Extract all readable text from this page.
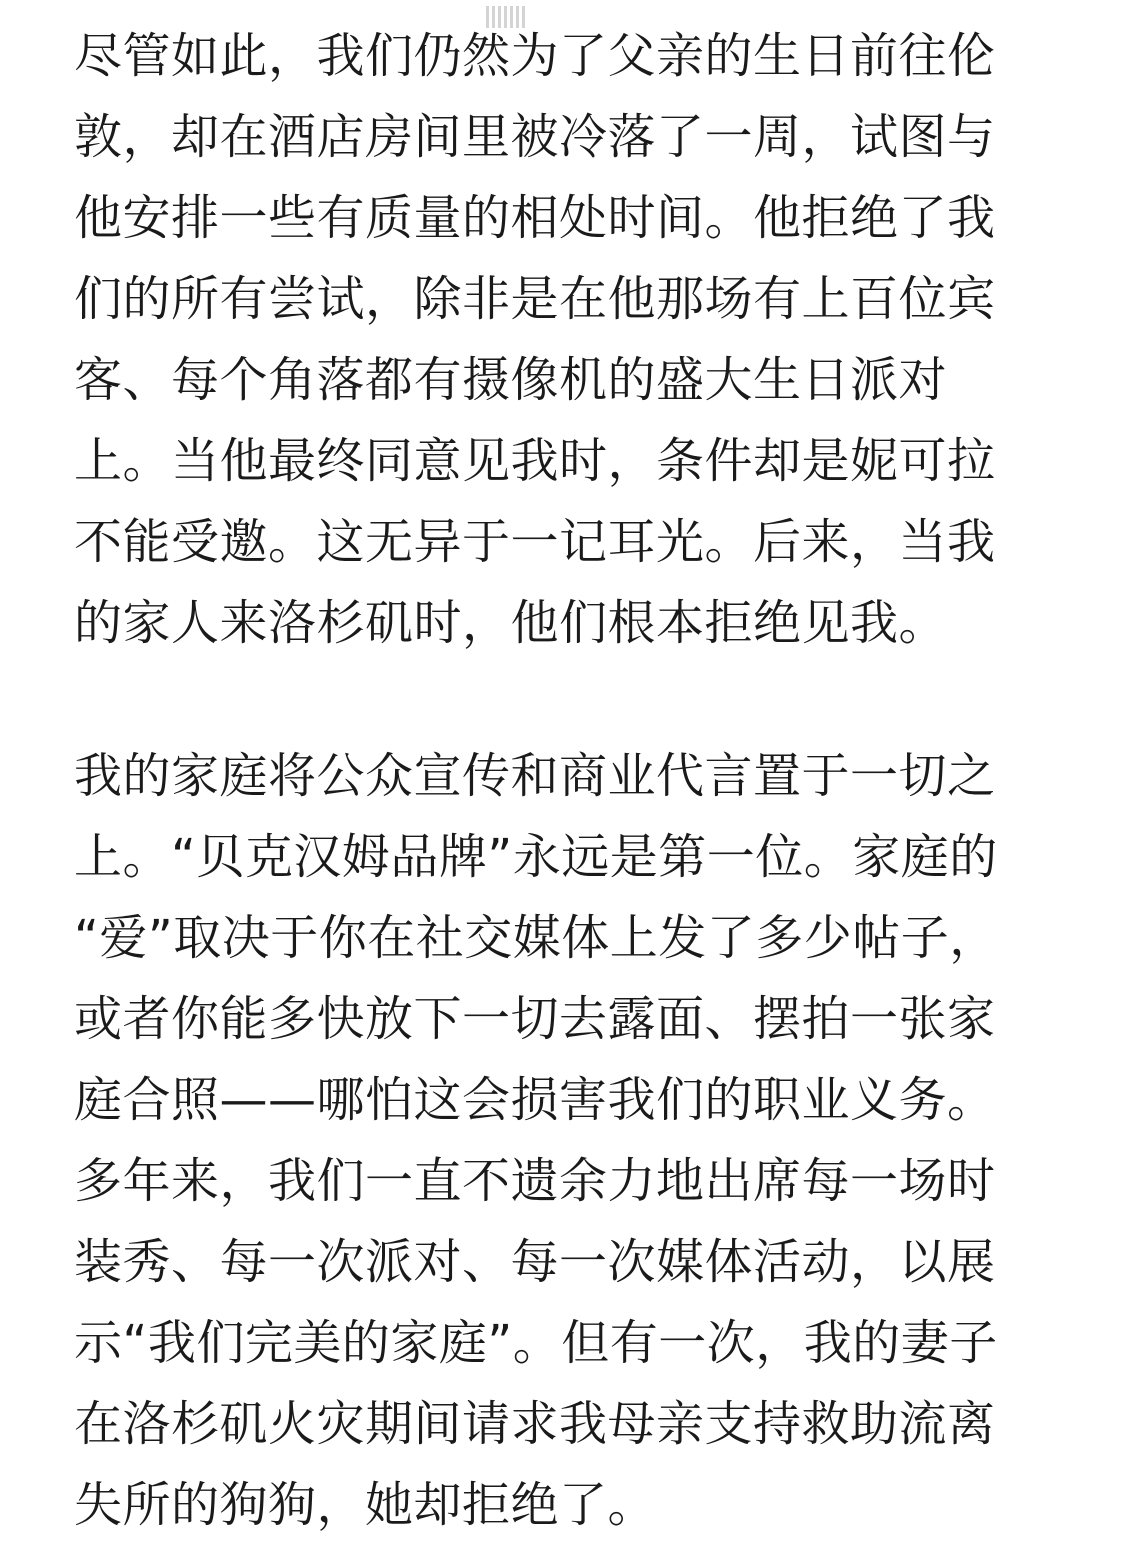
尽管如此，我们仍然为了父亲的生日前往伦
敦，却在酒店房间里被冷落了一周，试图与
他安排一些有质量的相处时间。他拒绝了我
们的所有尝试，除非是在他那场有上百位宾
客、每个角落都有摄像机的盛大生日派对
上。当他最终同意见我时，条件却是妮可拉
不能受邀。这无异于一记耳光。后来，当我
的家人来洛杉矶时，他们根本拒绝见我。
我的家庭将公众宣传和商业代言置于一切之
上。“贝克汉姆品牌”永远是第一位。家庭的
“爱”取决于你在社交媒体上发了多少帖子，
或者你能多快放下一切去露面、摆拍一张家
庭合照——哪怕这会损害我们的职业义务。
多年来，我们一直不遗余力地出席每一场时
装秀、每一次派对、每一次媒体活动，以展
示“我们完美的家庭”。但有一次，我的妻子
在洛杉矶火灾期间请求我母亲支持救助流离
失所的狗狗，她却拒绝了。
